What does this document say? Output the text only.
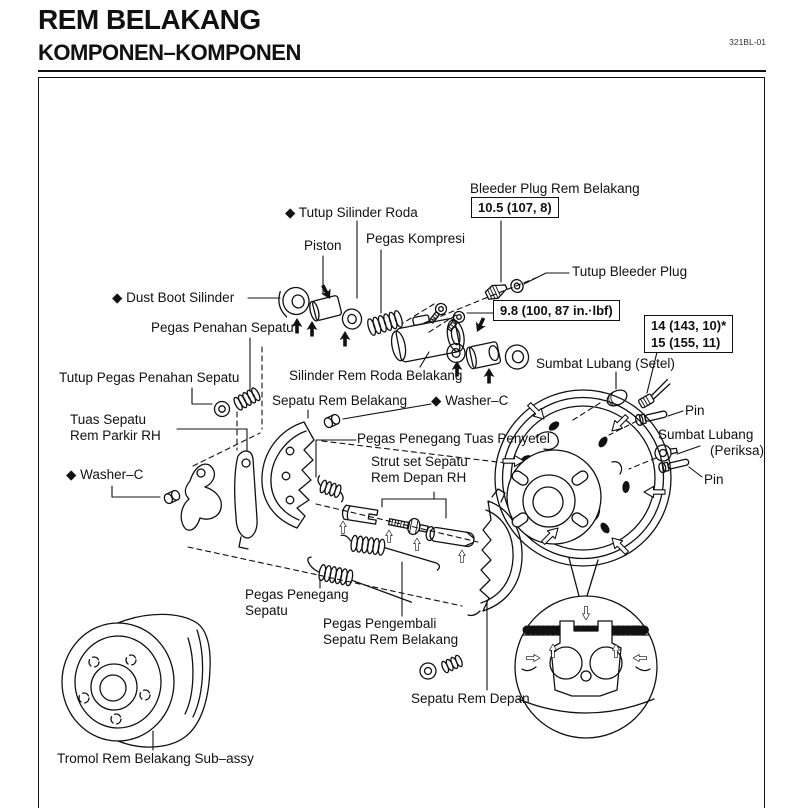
REM BELAKANG
KOMPONEN–KOMPONEN	321BL-01
Bleeder Plug Rem Belakang
10.5 (107, 8)
◆ Tutup Silinder Roda
Piston Pegas Kompresi
Tutup Bleeder Plug
◆ Dust Boot Silinder
9.8 (100, 87 in.·lbf)
Pegas Penahan Sepatu	14 (143, 10)*
15 (155, 11)
Tutup Pegas Penahan Sepatu	Silinder Rem Roda Belakang
Sumbat Lubang (Setel)
Sepatu Rem Belakang ◆ Washer–C
Pin
Tuas Sepatu
Rem Parkir RH	Sumbat Lubang
(Periksa)
Pegas Penegang Tuas Penyetel
Strut set Sepatu
Rem Depan RH
◆ Washer–C	Pin
Pegas Penegang
Sepatu
Pegas Pengembali
Sepatu Rem Belakang
Sepatu Rem Depan
Tromol Rem Belakang Sub–assy
